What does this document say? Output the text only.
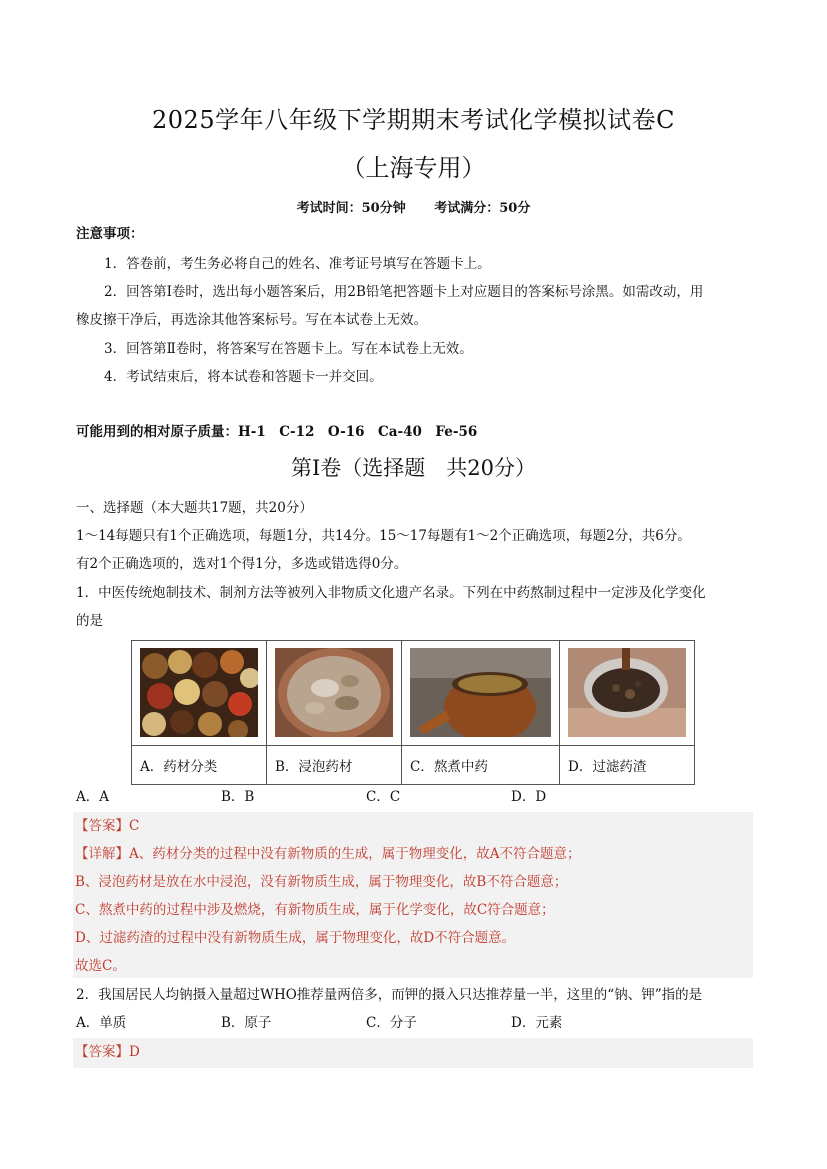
2025学年八年级下学期期末考试化学模拟试卷C
（上海专用）
考试时间：50分钟 考试满分：50分
注意事项：
1．答卷前，考生务必将自己的姓名、准考证号填写在答题卡上。
2．回答第Ⅰ卷时，选出每小题答案后，用2B铅笔把答题卡上对应题目的答案标号涂黑。如需改动，用
橡皮擦干净后，再选涂其他答案标号。写在本试卷上无效。
3．回答第Ⅱ卷时，将答案写在答题卡上。写在本试卷上无效。
4．考试结束后，将本试卷和答题卡一并交回。
可能用到的相对原子质量：H-1　C-12　O-16　Ca-40　Fe-56
第Ⅰ卷（选择题　共20分）
一、选择题（本大题共17题，共20分）
1～14每题只有1个正确选项，每题1分，共14分。15～17每题有1～2个正确选项，每题2分，共6分。
有2个正确选项的，选对1个得1分，多选或错选得0分。
1．中医传统炮制技术、制剂方法等被列入非物质文化遗产名录。下列在中药熬制过程中一定涉及化学变化
的是

A．药材分类	B．浸泡药材	C．熬煮中药	D．过滤药渣
A．A	B．B	C．C	D．D
【答案】C
【详解】A、药材分类的过程中没有新物质的生成，属于物理变化，故A不符合题意；
B、浸泡药材是放在水中浸泡，没有新物质生成，属于物理变化，故B不符合题意；
C、熬煮中药的过程中涉及燃烧，有新物质生成，属于化学变化，故C符合题意；
D、过滤药渣的过程中没有新物质生成，属于物理变化，故D不符合题意。
故选C。
2．我国居民人均钠摄入量超过WHO推荐量两倍多，而钾的摄入只达推荐量一半，这里的“钠、钾”指的是
A．单质	B．原子	C．分子	D．元素
【答案】D
